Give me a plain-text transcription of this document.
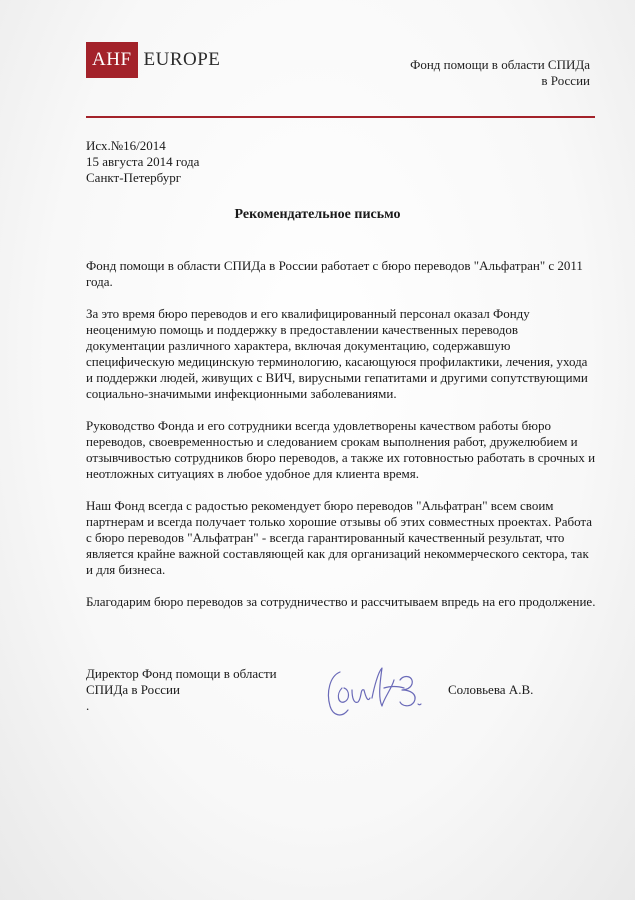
AHF EUROPE	Фонд помощи в области СПИДа
в России
Исх.№16/2014
15 августа 2014 года
Санкт-Петербург
Рекомендательное письмо

Фонд помощи в области СПИДа в России работает с бюро переводов "Альфатран" с 2011 года.

За это время бюро переводов и его квалифицированный персонал оказал Фонду неоценимую помощь и поддержку в предоставлении качественных переводов документации различного характера, включая документацию, содержавшую специфическую медицинскую терминологию, касающуюся профилактики, лечения, ухода и поддержки людей, живущих с ВИЧ, вирусными гепатитами и другими сопутствующими социально-значимыми инфекционными заболеваниями.

Руководство Фонда и его сотрудники всегда удовлетворены качеством работы бюро переводов, своевременностью и следованием срокам выполнения работ, дружелюбием и отзывчивостью сотрудников бюро переводов, а также их готовностью работать в срочных и неотложных ситуациях в любое удобное для клиента время.

Наш Фонд всегда с радостью рекомендует бюро переводов "Альфатран" всем своим партнерам и всегда получает только хорошие отзывы об этих совместных проектах. Работа с бюро переводов "Альфатран" - всегда гарантированный качественный результат, что является крайне важной составляющей как для организаций некоммерческого сектора, так и для бизнеса.

Благодарим бюро переводов за сотрудничество и рассчитываем впредь на его продолжение.

Директор Фонд помощи в области
СПИДа в России
.
Соловьева А.В.
